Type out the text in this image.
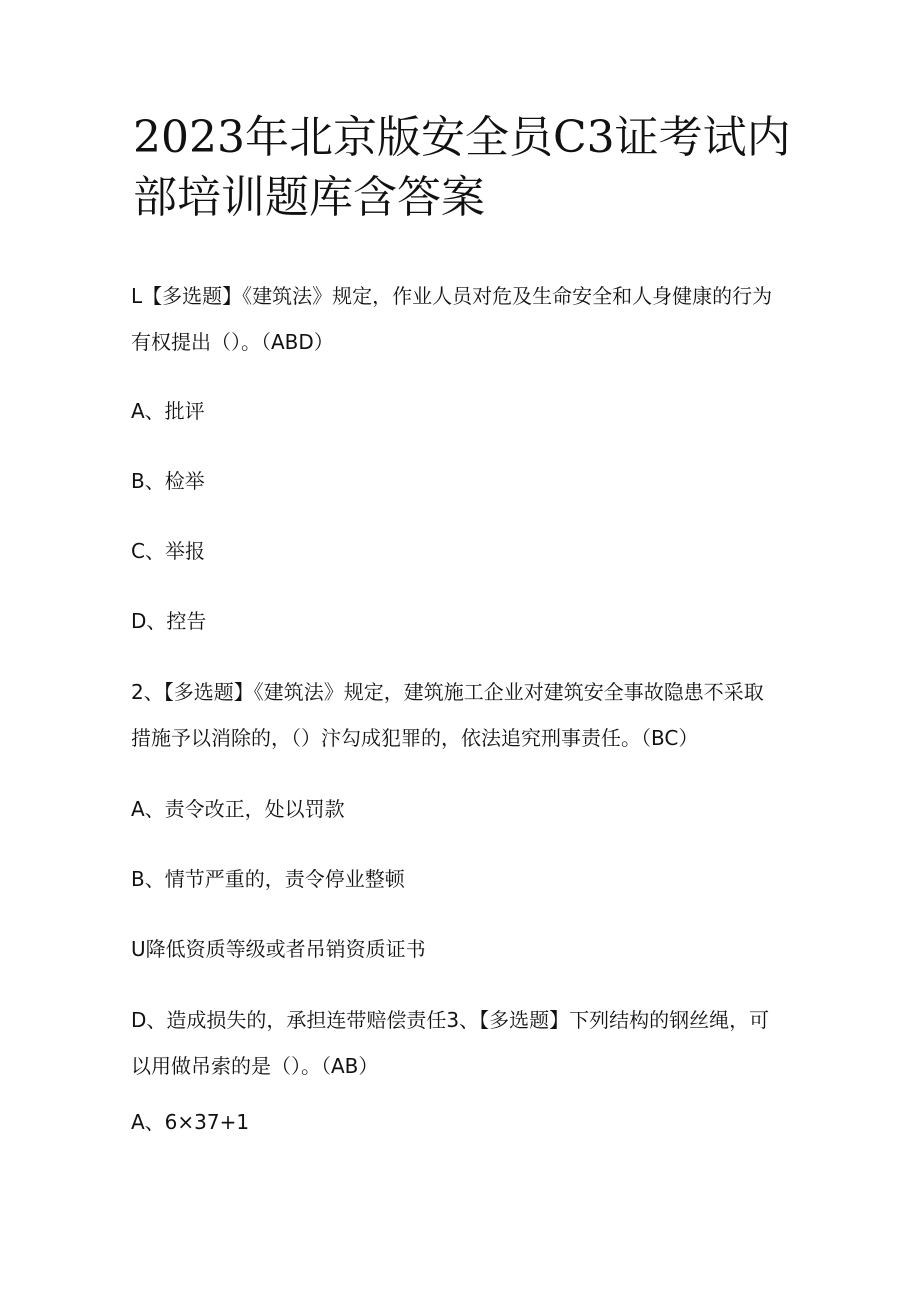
2023年北京版安全员C3证考试内
部培训题库含答案

L【多选题】《建筑法》规定，作业人员对危及生命安全和人身健康的行为

有权提出（）。（ABD）

A、批评

B、检举

C、举报

D、控告

2、【多选题】《建筑法》规定，建筑施工企业对建筑安全事故隐患不采取

措施予以消除的，（）汴勾成犯罪的，依法追究刑事责任。（BC）

A、责令改正，处以罚款

B、情节严重的，责令停业整顿

U降低资质等级或者吊销资质证书

D、造成损失的，承担连带赔偿责任3、【多选题】下列结构的钢丝绳，可

以用做吊索的是（）。（AB）

A、6×37+1
